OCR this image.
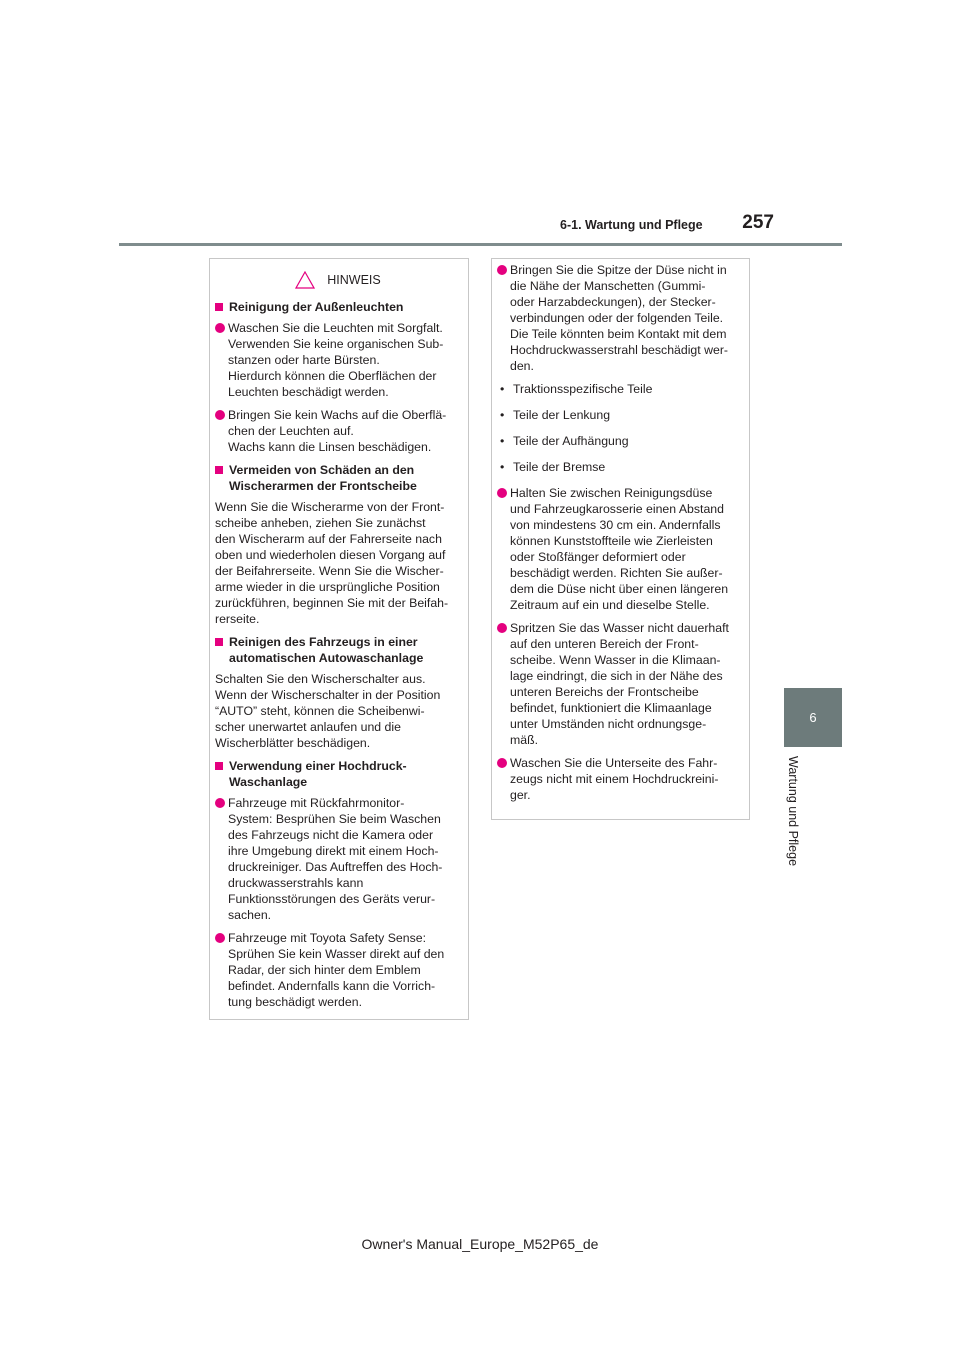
6-1. Wartung und Pflege	257
6
Wartung und Pflege
HINWEIS
Reinigung der Außenleuchten
Waschen Sie die Leuchten mit Sorgfalt.
Verwenden Sie keine organischen Sub-
stanzen oder harte Bürsten.
Hierdurch können die Oberflächen der
Leuchten beschädigt werden.
Bringen Sie kein Wachs auf die Oberflä-
chen der Leuchten auf.
Wachs kann die Linsen beschädigen.
Vermeiden von Schäden an den
Wischerarmen der Frontscheibe
Wenn Sie die Wischerarme von der Front-
scheibe anheben, ziehen Sie zunächst
den Wischerarm auf der Fahrerseite nach
oben und wiederholen diesen Vorgang auf
der Beifahrerseite. Wenn Sie die Wischer-
arme wieder in die ursprüngliche Position
zurückführen, beginnen Sie mit der Beifah-
rerseite.
Reinigen des Fahrzeugs in einer
automatischen Autowaschanlage
Schalten Sie den Wischerschalter aus.
Wenn der Wischerschalter in der Position
“AUTO” steht, können die Scheibenwi-
scher unerwartet anlaufen und die
Wischerblätter beschädigen.
Verwendung einer Hochdruck-
Waschanlage
Fahrzeuge mit Rückfahrmonitor-
System: Besprühen Sie beim Waschen
des Fahrzeugs nicht die Kamera oder
ihre Umgebung direkt mit einem Hoch-
druckreiniger. Das Auftreffen des Hoch-
druckwasserstrahls kann
Funktionsstörungen des Geräts verur-
sachen.
Fahrzeuge mit Toyota Safety Sense:
Sprühen Sie kein Wasser direkt auf den
Radar, der sich hinter dem Emblem
befindet. Andernfalls kann die Vorrich-
tung beschädigt werden.
Bringen Sie die Spitze der Düse nicht in
die Nähe der Manschetten (Gummi-
oder Harzabdeckungen), der Stecker-
verbindungen oder der folgenden Teile.
Die Teile könnten beim Kontakt mit dem
Hochdruckwasserstrahl beschädigt wer-
den.
• Traktionsspezifische Teile
• Teile der Lenkung
• Teile der Aufhängung
• Teile der Bremse
Halten Sie zwischen Reinigungsdüse
und Fahrzeugkarosserie einen Abstand
von mindestens 30 cm ein. Andernfalls
können Kunststoffteile wie Zierleisten
oder Stoßfänger deformiert oder
beschädigt werden. Richten Sie außer-
dem die Düse nicht über einen längeren
Zeitraum auf ein und dieselbe Stelle.
Spritzen Sie das Wasser nicht dauerhaft
auf den unteren Bereich der Front-
scheibe. Wenn Wasser in die Klimaan-
lage eindringt, die sich in der Nähe des
unteren Bereichs der Frontscheibe
befindet, funktioniert die Klimaanlage
unter Umständen nicht ordnungsge-
mäß.
Waschen Sie die Unterseite des Fahr-
zeugs nicht mit einem Hochdruckreini-
ger.
Owner's Manual_Europe_M52P65_de
